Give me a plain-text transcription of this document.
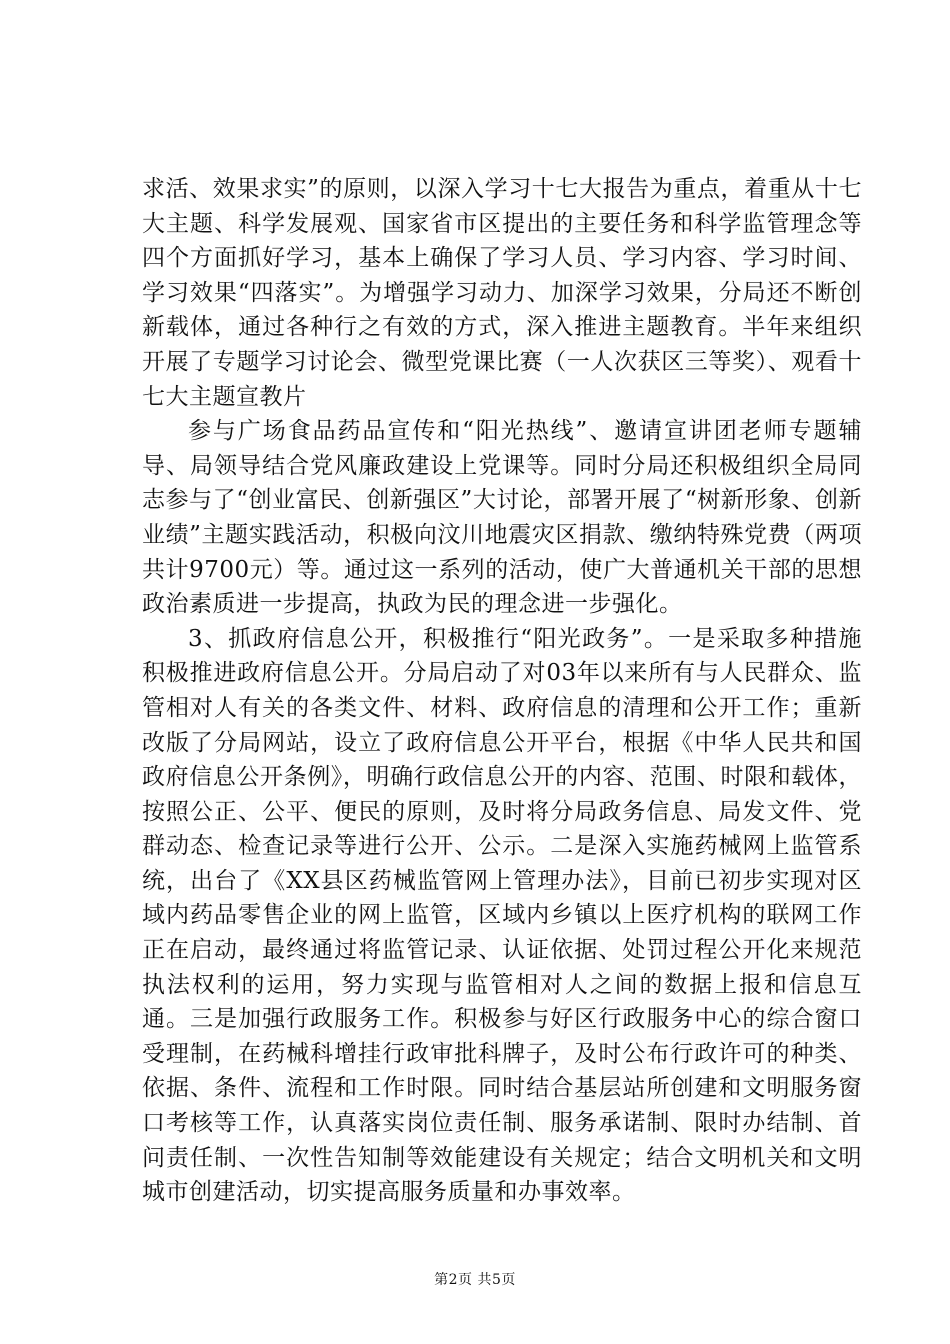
求活、效果求实”的原则，以深入学习十七大报告为重点，着重从十七大主题、科学发展观、国家省市区提出的主要任务和科学监管理念等四个方面抓好学习，基本上确保了学习人员、学习内容、学习时间、学习效果“四落实”。为增强学习动力、加深学习效果，分局还不断创新载体，通过各种行之有效的方式，深入推进主题教育。半年来组织开展了专题学习讨论会、微型党课比赛（一人次获区三等奖）、观看十七大主题宣教片

参与广场食品药品宣传和“阳光热线”、邀请宣讲团老师专题辅导、局领导结合党风廉政建设上党课等。同时分局还积极组织全局同志参与了“创业富民、创新强区”大讨论，部署开展了“树新形象、创新业绩”主题实践活动，积极向汶川地震灾区捐款、缴纳特殊党费（两项共计9700元）等。通过这一系列的活动，使广大普通机关干部的思想政治素质进一步提高，执政为民的理念进一步强化。

3、抓政府信息公开，积极推行“阳光政务”。一是采取多种措施积极推进政府信息公开。分局启动了对03年以来所有与人民群众、监管相对人有关的各类文件、材料、政府信息的清理和公开工作；重新改版了分局网站，设立了政府信息公开平台，根据《中华人民共和国政府信息公开条例》，明确行政信息公开的内容、范围、时限和载体，按照公正、公平、便民的原则，及时将分局政务信息、局发文件、党群动态、检查记录等进行公开、公示。二是深入实施药械网上监管系统，出台了《XX县区药械监管网上管理办法》，目前已初步实现对区域内药品零售企业的网上监管，区域内乡镇以上医疗机构的联网工作正在启动，最终通过将监管记录、认证依据、处罚过程公开化来规范执法权利的运用，努力实现与监管相对人之间的数据上报和信息互通。三是加强行政服务工作。积极参与好区行政服务中心的综合窗口受理制，在药械科增挂行政审批科牌子，及时公布行政许可的种类、依据、条件、流程和工作时限。同时结合基层站所创建和文明服务窗口考核等工作，认真落实岗位责任制、服务承诺制、限时办结制、首问责任制、一次性告知制等效能建设有关规定；结合文明机关和文明城市创建活动，切实提高服务质量和办事效率。

第2页 共5页
